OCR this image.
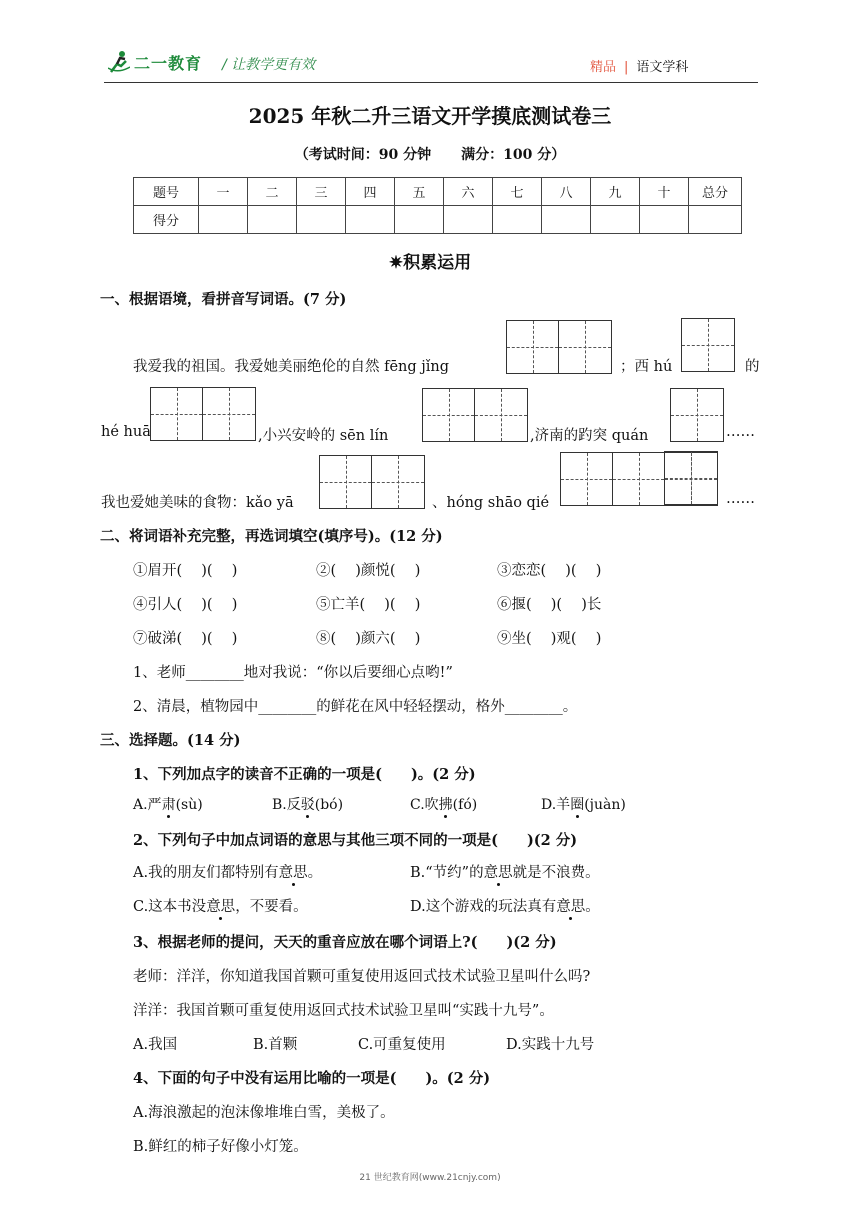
二一教育 / 让教学更有效	精品 | 语文学科
2025 年秋二升三语文开学摸底测试卷三
（考试时间：90 分钟 满分：100 分）
题号	一	二	三	四	五	六	七	八	九	十	总分
得分											
✷积累运用
一、根据语境，看拼音写词语。(7 分)
我爱我的祖国。我爱她美丽绝伦的自然 fēng jǐng	；西 hú	的
hé huā	,小兴安岭的 sēn lín	,济南的趵突 quán	……
我也爱她美味的食物：kǎo yā	、hóng shāo qié	……
二、将词语补充完整，再选词填空(填序号)。(12 分)
①眉开(　 )(　 )	②(　 )颜悦(　 )	③恋恋(　 )(　 )
④引人(　 )(　 )	⑤亡羊(　 )(　 )	⑥揠(　 )(　 )长
⑦破涕(　 )(　 )	⑧(　 )颜六(　 )	⑨坐(　 )观(　 )
1、老师________地对我说：“你以后要细心点哟!”
2、清晨，植物园中________的鲜花在风中轻轻摆动，格外________。
三、选择题。(14 分)
1、下列加点字的读音不正确的一项是(　　)。(2 分)
A.严肃(sù)	B.反驳(bó)	C.吹拂(fó)	D.羊圈(juàn)
2、下列句子中加点词语的意思与其他三项不同的一项是(　　)(2 分)
A.我的朋友们都特别有意思。	B.“节约”的意思就是不浪费。
C.这本书没意思，不要看。	D.这个游戏的玩法真有意思。
3、根据老师的提问，天天的重音应放在哪个词语上?(　　)(2 分)
老师：洋洋，你知道我国首颗可重复使用返回式技术试验卫星叫什么吗?
洋洋：我国首颗可重复使用返回式技术试验卫星叫“实践十九号”。
A.我国	B.首颗	C.可重复使用	D.实践十九号
4、下面的句子中没有运用比喻的一项是(　　)。(2 分)
A.海浪激起的泡沫像堆堆白雪，美极了。
B.鲜红的柿子好像小灯笼。
21 世纪教育网(www.21cnjy.com)
